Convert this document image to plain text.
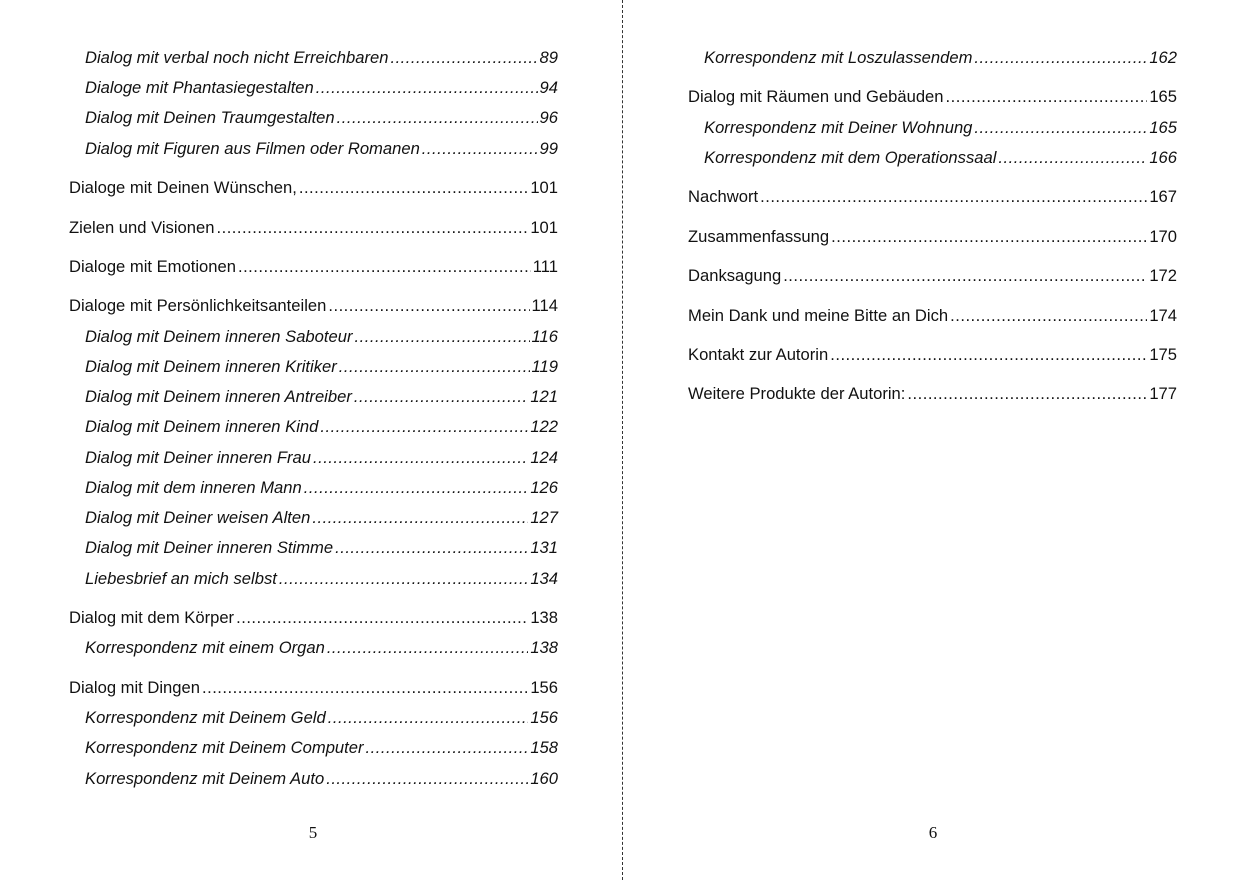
Dialog mit verbal noch nicht Erreichbaren .....	89
Dialoge mit Phantasiegestalten .....	94
Dialog mit Deinen Traumgestalten .....	96
Dialog mit Figuren aus Filmen oder Romanen .....	99
Dialoge mit Deinen Wünschen, .....	101
Zielen und Visionen .....	101
Dialoge mit Emotionen .....	111
Dialoge mit Persönlichkeitsanteilen .....	114
Dialog mit Deinem inneren Saboteur .....	116
Dialog mit Deinem inneren Kritiker .....	119
Dialog mit Deinem inneren Antreiber .....	121
Dialog mit Deinem inneren Kind .....	122
Dialog mit Deiner inneren Frau .....	124
Dialog mit dem inneren Mann .....	126
Dialog mit Deiner weisen Alten .....	127
Dialog mit Deiner inneren Stimme .....	131
Liebesbrief an mich selbst .....	134
Dialog mit dem Körper .....	138
Korrespondenz mit einem Organ .....	138
Dialog mit Dingen .....	156
Korrespondenz mit Deinem Geld .....	156
Korrespondenz mit Deinem Computer .....	158
Korrespondenz mit Deinem Auto .....	160
5
Korrespondenz mit Loszulassendem .....	162
Dialog mit Räumen und Gebäuden .....	165
Korrespondenz mit Deiner Wohnung .....	165
Korrespondenz mit dem Operationssaal .....	166
Nachwort .....	167
Zusammenfassung .....	170
Danksagung .....	172
Mein Dank und meine Bitte an Dich .....	174
Kontakt zur Autorin .....	175
Weitere Produkte der Autorin: .....	177
6
